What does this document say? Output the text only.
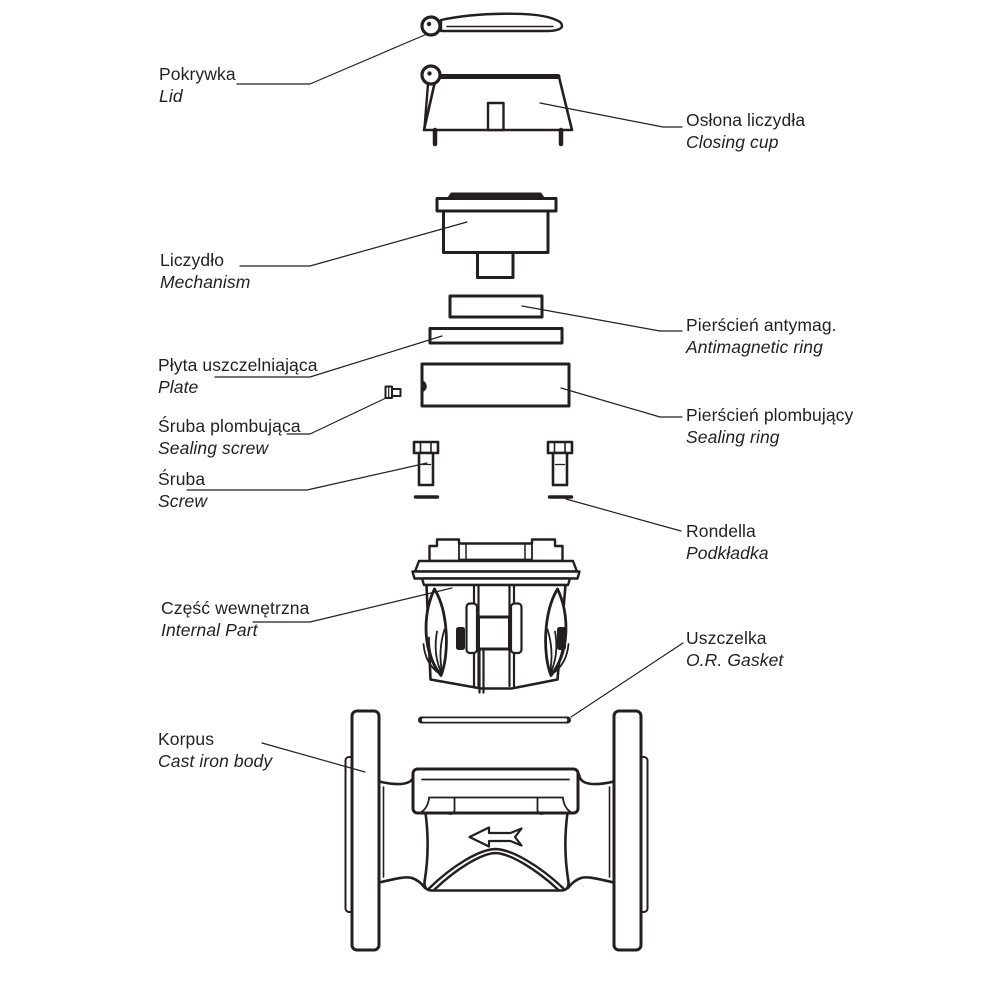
Pokrywka
Lid
Osłona liczydła
Closing cup
Liczydło
Mechanism
Pierścień antymag.
Antimagnetic ring
Płyta uszczelniająca
Plate
Pierścień plombujący
Sealing ring
Śruba plombująca
Sealing screw
Śruba
Screw
Rondella
Podkładka
Część wewnętrzna
Internal Part	Uszczelka
O.R. Gasket
Korpus
Cast iron body
